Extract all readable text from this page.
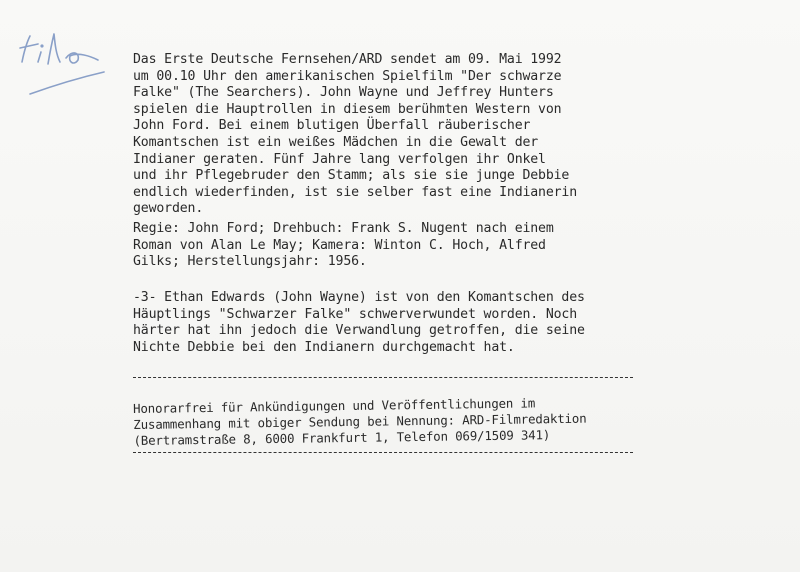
Das Erste Deutsche Fernsehen/ARD sendet am 09. Mai 1992
um 00.10 Uhr den amerikanischen Spielfilm "Der schwarze
Falke" (The Searchers). John Wayne und Jeffrey Hunters
spielen die Hauptrollen in diesem berühmten Western von
John Ford. Bei einem blutigen Überfall räuberischer
Komantschen ist ein weißes Mädchen in die Gewalt der
Indianer geraten. Fünf Jahre lang verfolgen ihr Onkel
und ihr Pflegebruder den Stamm; als sie sie junge Debbie
endlich wiederfinden, ist sie selber fast eine Indianerin
geworden.
Regie: John Ford; Drehbuch: Frank S. Nugent nach einem
Roman von Alan Le May; Kamera: Winton C. Hoch, Alfred
Gilks; Herstellungsjahr: 1956.
-3- Ethan Edwards (John Wayne) ist von den Komantschen des
Häuptlings "Schwarzer Falke" schwerverwundet worden. Noch
härter hat ihn jedoch die Verwandlung getroffen, die seine
Nichte Debbie bei den Indianern durchgemacht hat.
Honorarfrei für Ankündigungen und Veröffentlichungen im
Zusammenhang mit obiger Sendung bei Nennung: ARD-Filmredaktion
(Bertramstraße 8, 6000 Frankfurt 1, Telefon 069/1509 341)
